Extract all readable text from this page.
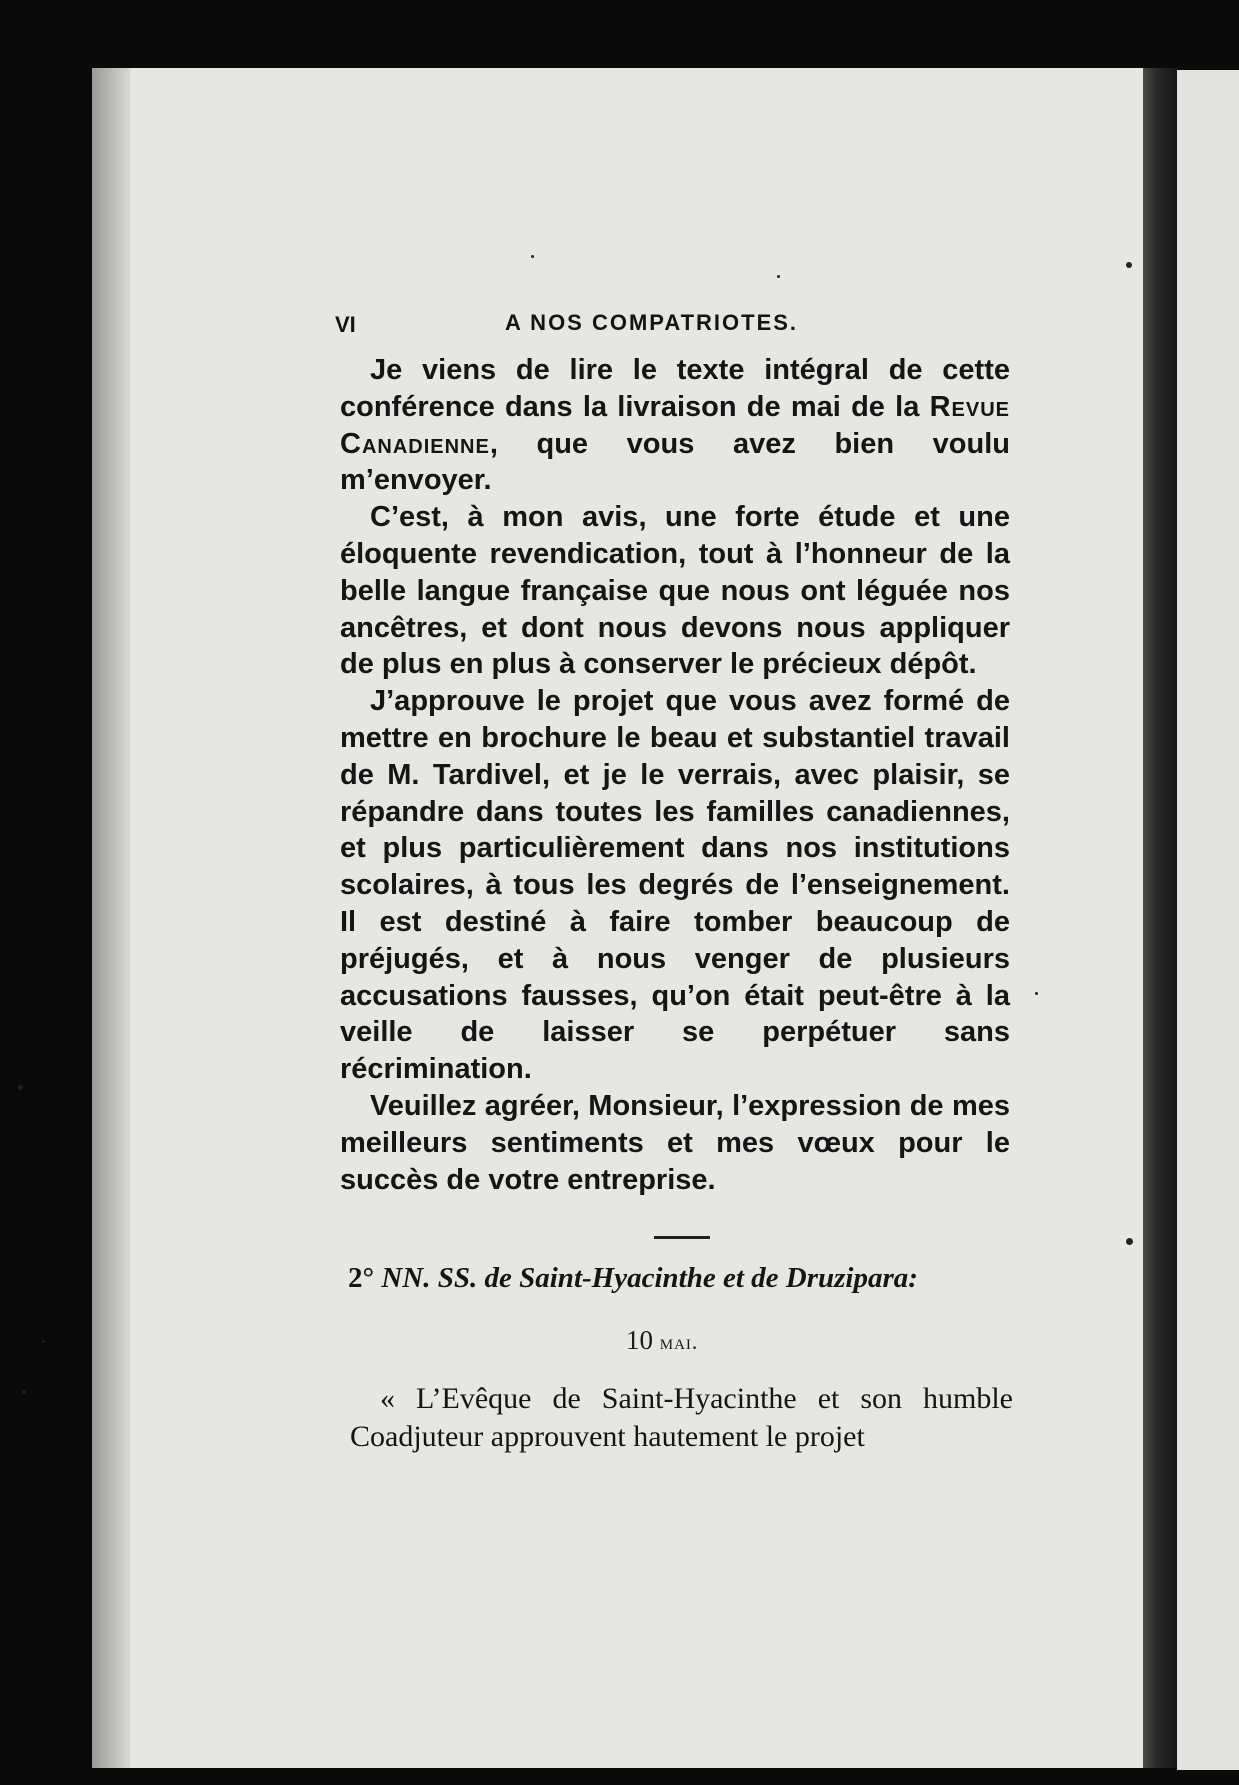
VI	A NOS COMPATRIOTES.

Je viens de lire le texte intégral de cette conférence dans la livraison de mai de la Revue Canadienne, que vous avez bien voulu m’envoyer.

C’est, à mon avis, une forte étude et une éloquente revendication, tout à l’honneur de la belle langue française que nous ont léguée nos ancêtres, et dont nous devons nous appliquer de plus en plus à conserver le précieux dépôt.

J’approuve le projet que vous avez formé de mettre en brochure le beau et substantiel travail de M. Tardivel, et je le verrais, avec plaisir, se répandre dans toutes les familles canadiennes, et plus particulièrement dans nos institutions scolaires, à tous les degrés de l’enseignement. Il est destiné à faire tomber beaucoup de préjugés, et à nous venger de plusieurs accusations fausses, qu’on était peut-être à la veille de laisser se perpétuer sans récrimination.

Veuillez agréer, Monsieur, l’expression de mes meilleurs sentiments et mes vœux pour le succès de votre entreprise.

2° NN. SS. de Saint-Hyacinthe et de Druzipara:
10 mai.

« L’Evêque de Saint-Hyacinthe et son humble Coadjuteur approuvent hautement le projet
